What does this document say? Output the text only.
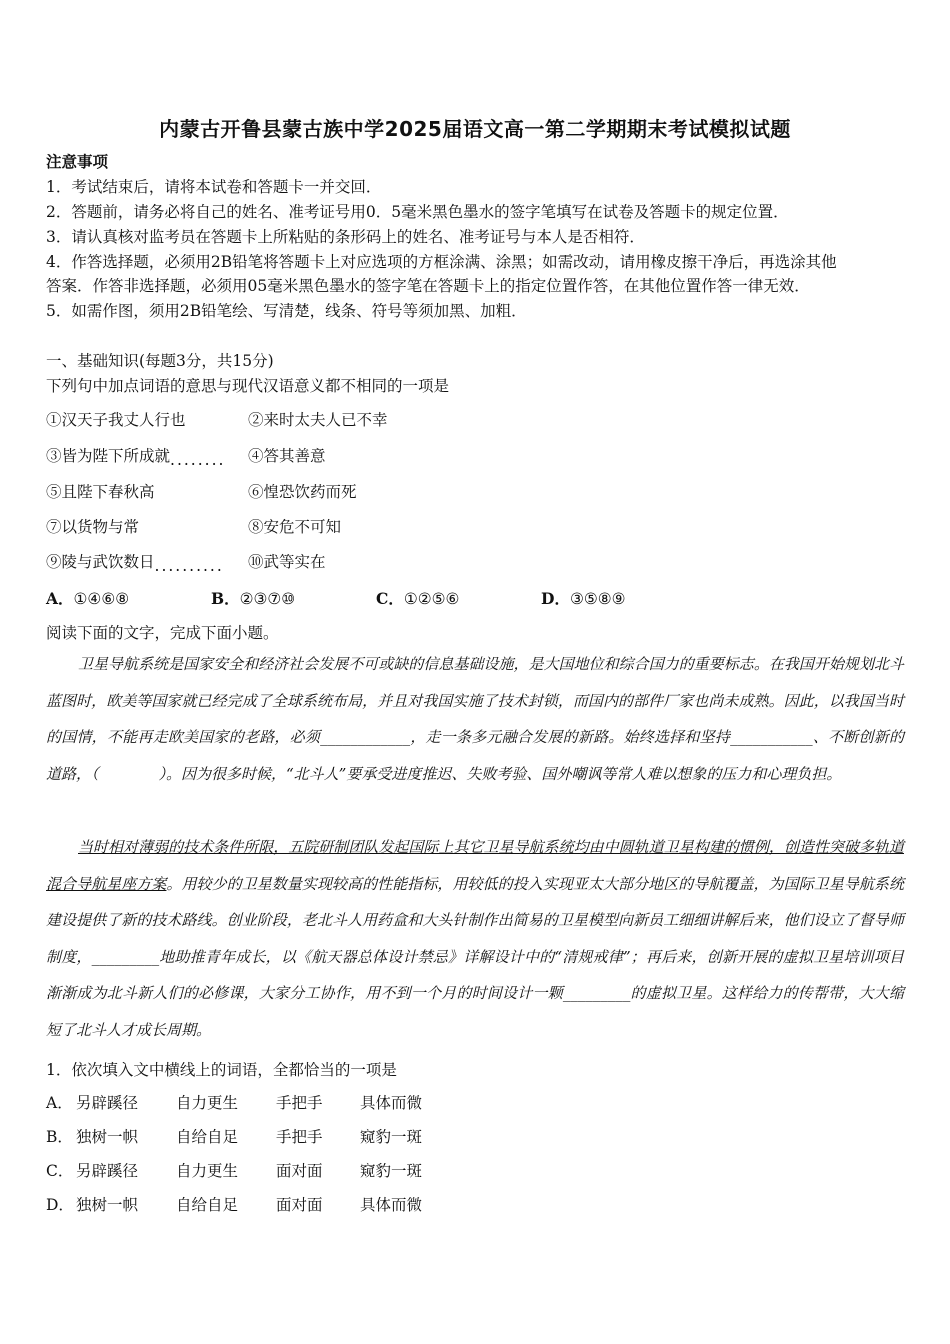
内蒙古开鲁县蒙古族中学2025届语文高一第二学期期末考试模拟试题
注意事项
1．考试结束后，请将本试卷和答题卡一并交回．
2．答题前，请务必将自己的姓名、准考证号用0．5毫米黑色墨水的签字笔填写在试卷及答题卡的规定位置．
3．请认真核对监考员在答题卡上所粘贴的条形码上的姓名、准考证号与本人是否相符．
4．作答选择题，必须用2B铅笔将答题卡上对应选项的方框涂满、涂黑；如需改动，请用橡皮擦干净后，再选涂其他
答案．作答非选择题，必须用05毫米黑色墨水的签字笔在答题卡上的指定位置作答，在其他位置作答一律无效．
5．如需作图，须用2B铅笔绘、写清楚，线条、符号等须加黑、加粗．
一、基础知识(每题3分，共15分)
下列句中加点词语的意思与现代汉语意义都不相同的一项是
①汉天子我丈人行也	②来时太夫人已不幸
③皆为陛下所成就........ ④答其善意
⑤且陛下春秋高	⑥惶恐饮药而死
⑦以货物与常	⑧安危不可知
⑨陵与武饮数日.......... ⑩武等实在
A．①④⑥⑧	B．②③⑦⑩	C．①②⑤⑥	D．③⑤⑧⑨
阅读下面的文字，完成下面小题。
卫星导航系统是国家安全和经济社会发展不可或缺的信息基础设施，是大国地位和综合国力的重要标志。在我国开始规划北斗蓝图时，欧美等国家就已经完成了全球系统布局，并且对我国实施了技术封锁，而国内的部件厂家也尚未成熟。因此，以我国当时的国情，不能再走欧美国家的老路，必须____________，走一条多元融合发展的新路。始终选择和坚持___________、不断创新的道路，（　　　　）。因为很多时候，“北斗人”要承受进度推迟、失败考验、国外嘲讽等常人难以想象的压力和心理负担。
当时相对薄弱的技术条件所限，五院研制团队发起国际上其它卫星导航系统均由中圆轨道卫星构建的惯例，创造性突破多轨道混合导航星座方案。用较少的卫星数量实现较高的性能指标，用较低的投入实现亚太大部分地区的导航覆盖，为国际卫星导航系统建设提供了新的技术路线。创业阶段，老北斗人用药盒和大头针制作出简易的卫星模型向新员工细细讲解后来，他们设立了督导师制度，_________地助推青年成长，以《航天器总体设计禁忌》详解设计中的“清规戒律”；再后来，创新开展的虚拟卫星培训项目渐渐成为北斗新人们的必修课，大家分工协作，用不到一个月的时间设计一颗_________的虚拟卫星。这样给力的传帮带，大大缩短了北斗人才成长周期。
1．依次填入文中横线上的词语，全都恰当的一项是
A． 另辟蹊径 自力更生 手把手 具体而微
B． 独树一帜 自给自足 手把手 窥豹一斑
C． 另辟蹊径 自力更生 面对面 窥豹一斑
D． 独树一帜 自给自足 面对面 具体而微
